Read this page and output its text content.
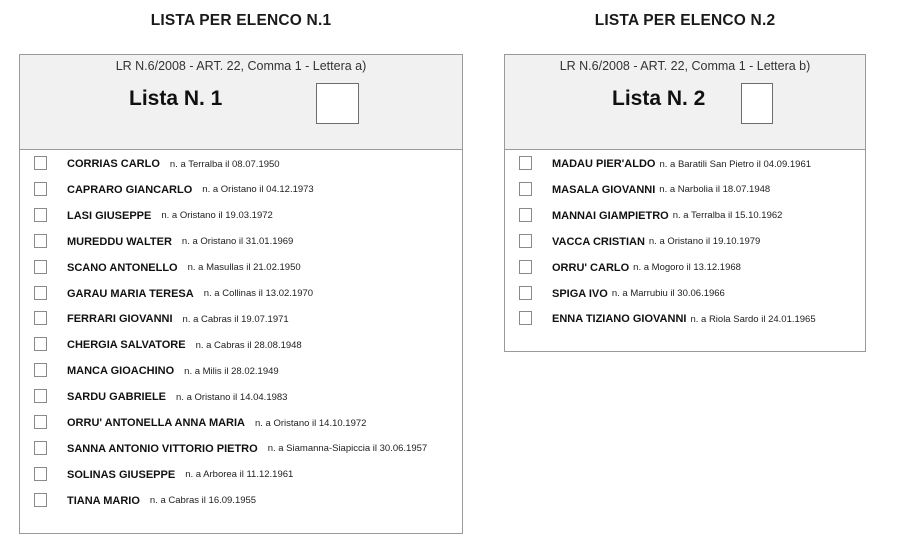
LISTA PER ELENCO N.1
LR N.6/2008 - ART. 22, Comma 1 - Lettera a)
Lista N. 1
CORRIAS CARLO n. a Terralba il 08.07.1950
CAPRARO GIANCARLO n. a Oristano il 04.12.1973
LASI GIUSEPPE n. a Oristano il 19.03.1972
MUREDDU WALTER n. a Oristano il 31.01.1969
SCANO ANTONELLO n. a Masullas il 21.02.1950
GARAU MARIA TERESA n. a Collinas il 13.02.1970
FERRARI GIOVANNI n. a Cabras il 19.07.1971
CHERGIA SALVATORE n. a Cabras il 28.08.1948
MANCA GIOACHINO n. a Milis il 28.02.1949
SARDU GABRIELE n. a Oristano il 14.04.1983
ORRU' ANTONELLA ANNA MARIA n. a Oristano il 14.10.1972
SANNA ANTONIO VITTORIO PIETRO n. a Siamanna-Siapiccia il 30.06.1957
SOLINAS GIUSEPPE n. a Arborea il 11.12.1961
TIANA MARIO n. a Cabras il 16.09.1955
LISTA PER ELENCO N.2
LR N.6/2008 - ART. 22, Comma 1 - Lettera b)
Lista N. 2
MADAU PIER'ALDO n. a Baratili San Pietro il 04.09.1961
MASALA GIOVANNI n. a Narbolia il 18.07.1948
MANNAI GIAMPIETRO n. a Terralba il 15.10.1962
VACCA CRISTIAN n. a Oristano il 19.10.1979
ORRU' CARLO n. a Mogoro il 13.12.1968
SPIGA IVO n. a Marrubiu il 30.06.1966
ENNA TIZIANO GIOVANNI n. a Riola Sardo il 24.01.1965
